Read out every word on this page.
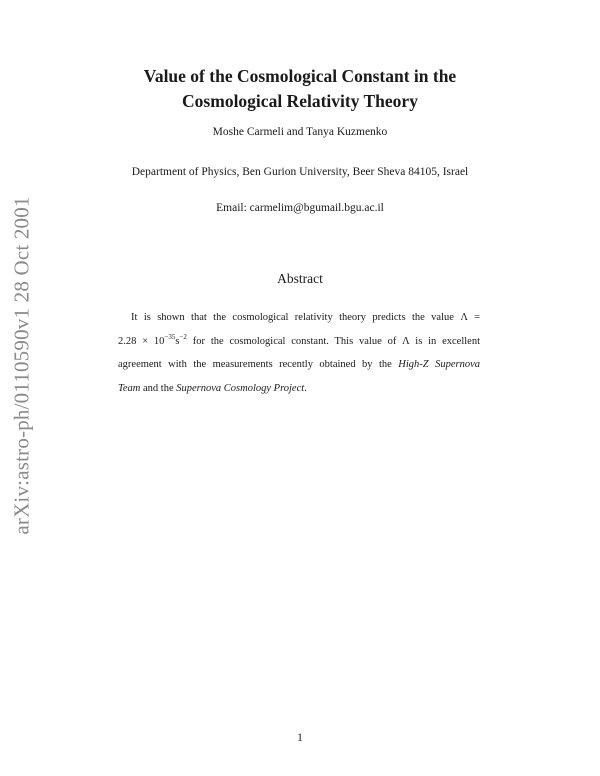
arXiv:astro-ph/0110590v1 28 Oct 2001
Value of the Cosmological Constant in the
Cosmological Relativity Theory
Moshe Carmeli and Tanya Kuzmenko
Department of Physics, Ben Gurion University, Beer Sheva 84105, Israel
Email: carmelim@bgumail.bgu.ac.il
Abstract
It is shown that the cosmological relativity theory predicts the value Λ =
$2.28 \times 10^{-35}s^{-2}$ for the cosmological constant. This value of Λ is in excellent
agreement with the measurements recently obtained by the High-Z Supernova
Team and the Supernova Cosmology Project.
1
